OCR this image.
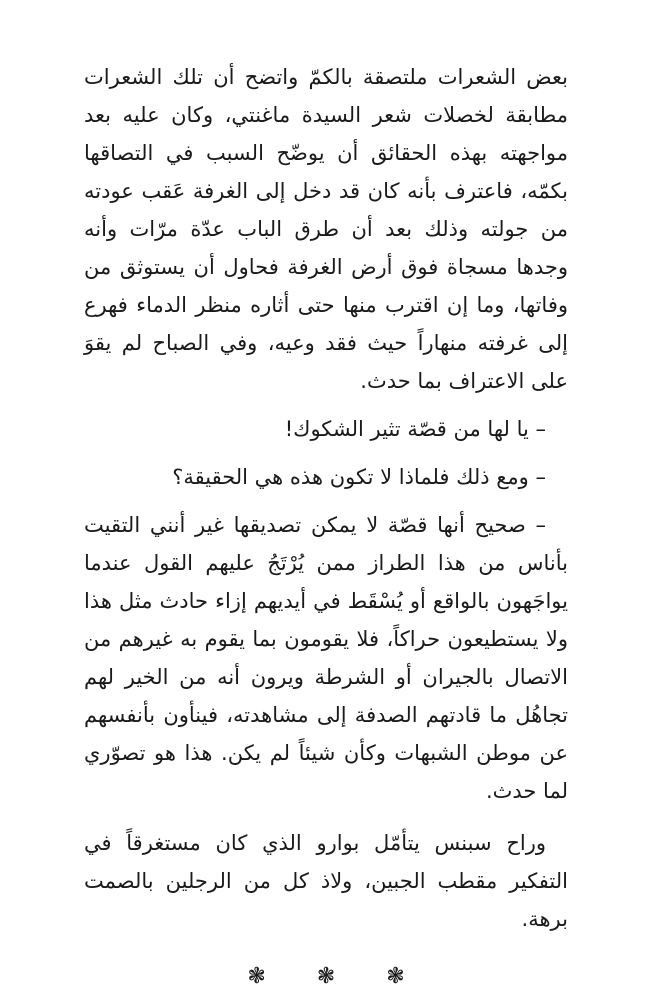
بعض الشعرات ملتصقة بالكمّ واتضح أن تلك الشعرات مطابقة لخصلات شعر السيدة ماغنتي، وكان عليه بعد مواجهته بهذه الحقائق أن يوضّح السبب في التصاقها بكمّه، فاعترف بأنه كان قد دخل إلى الغرفة عَقب عودته من جولته وذلك بعد أن طرق الباب عدّة مرّات وأنه وجدها مسجاة فوق أرض الغرفة فحاول أن يستوثق من وفاتها، وما إن اقترب منها حتى أثاره منظر الدماء فهرع إلى غرفته منهاراً حيث فقد وعيه، وفي الصباح لم يقوَ على الاعتراف بما حدث.

– يا لها من قصّة تثير الشكوك!

– ومع ذلك فلماذا لا تكون هذه هي الحقيقة؟

– صحيح أنها قصّة لا يمكن تصديقها غير أنني التقيت بأناس من هذا الطراز ممن يُرْتَجُ عليهم القول عندما يواجَهون بالواقع أو يُسْقَط في أيديهم إزاء حادث مثل هذا ولا يستطيعون حراكاً، فلا يقومون بما يقوم به غيرهم من الاتصال بالجيران أو الشرطة ويرون أنه من الخير لهم تجاهُل ما قادتهم الصدفة إلى مشاهدته، فينأون بأنفسهم عن موطن الشبهات وكأن شيئاً لم يكن. هذا هو تصوّري لما حدث.

وراح سبنس يتأمّل بوارو الذي كان مستغرقاً في التفكير مقطب الجبين، ولاذ كل من الرجلين بالصمت برهة.

❃ ❃ ❃
